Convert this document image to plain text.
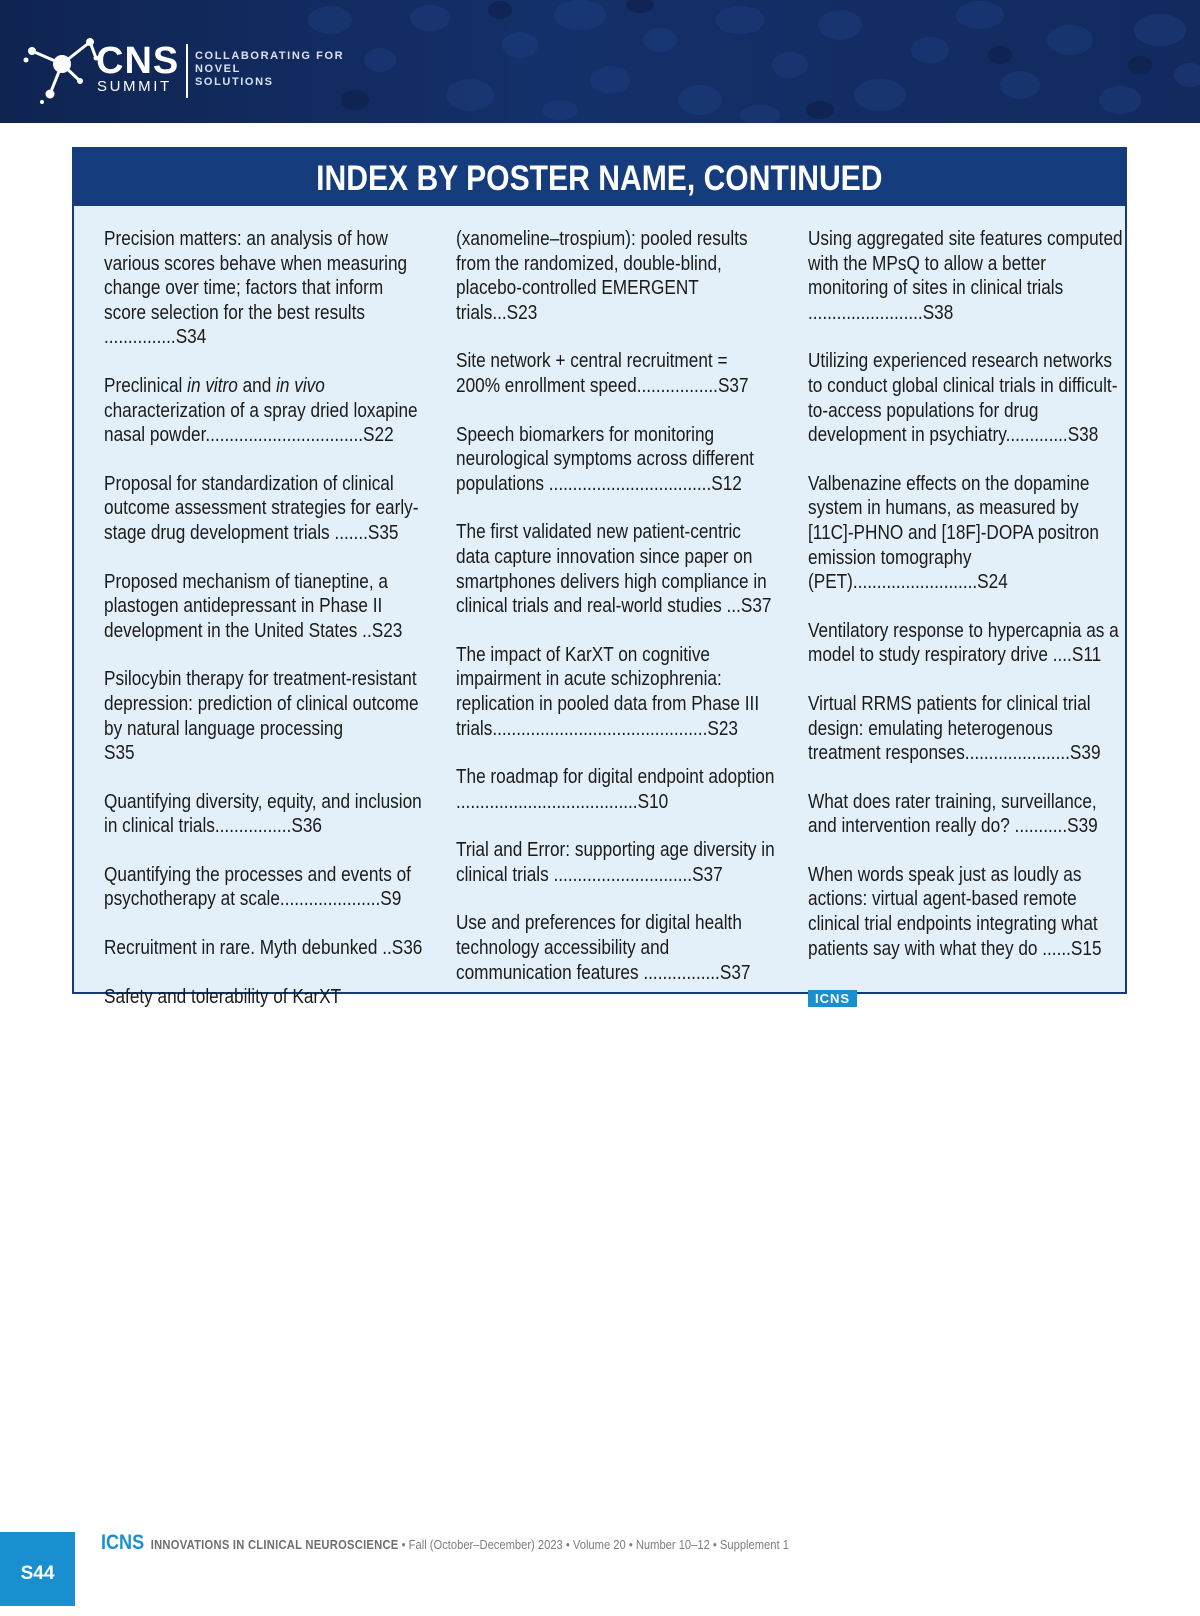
CNS
SUMMIT
COLLABORATING FOR
NOVEL
SOLUTIONS
INDEX BY POSTER NAME, CONTINUED
Precision matters: an analysis of how various scores behave when measuring change over time; factors that inform score selection for the best results ...............S34
Preclinical in vitro and in vivo characterization of a spray dried loxapine nasal powder.................................S22
Proposal for standardization of clinical outcome assessment strategies for early-stage drug development trials .......S35
Proposed mechanism of tianeptine, a plastogen antidepressant in Phase II development in the United States ..S23
Psilocybin therapy for treatment-resistant depression: prediction of clinical outcome by natural language processing
S35
Quantifying diversity, equity, and inclusion in clinical trials................S36
Quantifying the processes and events of psychotherapy at scale.....................S9
Recruitment in rare. Myth debunked ..S36
Safety and tolerability of KarXT
(xanomeline–trospium): pooled results from the randomized, double-blind, placebo-controlled EMERGENT trials...S23
Site network + central recruitment = 200% enrollment speed.................S37
Speech biomarkers for monitoring neurological symptoms across different populations ..................................S12
The first validated new patient-centric data capture innovation since paper on smartphones delivers high compliance in clinical trials and real-world studies ...S37
The impact of KarXT on cognitive impairment in acute schizophrenia: replication in pooled data from Phase III trials.............................................S23
The roadmap for digital endpoint adoption ......................................S10
Trial and Error: supporting age diversity in clinical trials .............................S37
Use and preferences for digital health technology accessibility and communication features ................S37
Using aggregated site features computed with the MPsQ to allow a better monitoring of sites in clinical trials ........................S38
Utilizing experienced research networks to conduct global clinical trials in difficult-to-access populations for drug development in psychiatry.............S38
Valbenazine effects on the dopamine system in humans, as measured by [11C]-PHNO and [18F]-DOPA positron emission tomography (PET)..........................S24
Ventilatory response to hypercapnia as a model to study respiratory drive ....S11
Virtual RRMS patients for clinical trial design: emulating heterogenous treatment responses......................S39
What does rater training, surveillance, and intervention really do? ...........S39
When words speak just as loudly as actions: virtual agent-based remote clinical trial endpoints integrating what patients say with what they do ......S15
ICNS
S44
ICNS INNOVATIONS IN CLINICAL NEUROSCIENCE • Fall (October–December) 2023 • Volume 20 • Number 10–12 • Supplement 1
